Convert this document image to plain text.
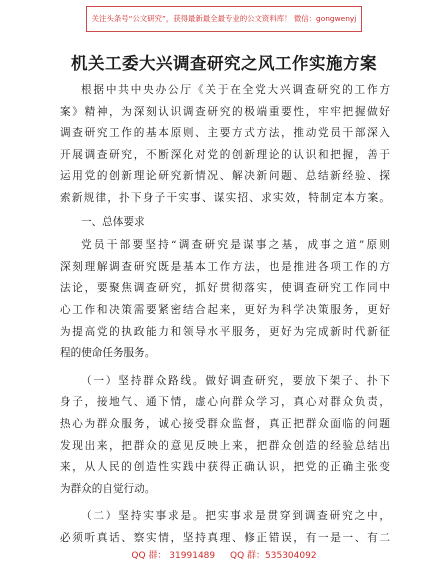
关注头条号“公文研究”，获得最新最全最专业的公文资料库！ 微信：gongwenyj
机关工委大兴调查研究之风工作实施方案
根据中共中央办公厅《关于在全党大兴调查研究的工作方
案》精神，为深刻认识调查研究的极端重要性，牢牢把握做好
调查研究工作的基本原则、主要方式方法，推动党员干部深入
开展调查研究，不断深化对党的创新理论的认识和把握，善于
运用党的创新理论研究新情况、解决新问题、总结新经验、探
索新规律，扑下身子干实事、谋实招、求实效，特制定本方案。
一、总体要求
党员干部要坚持“调查研究是谋事之基，成事之道”原则
深刻理解调查研究既是基本工作方法，也是推进各项工作的方
法论，要聚焦调查研究，抓好贯彻落实，使调查研究工作同中
心工作和决策需要紧密结合起来，更好为科学决策服务，更好
为提高党的执政能力和领导水平服务，更好为完成新时代新征
程的使命任务服务。
（一）坚持群众路线。做好调查研究，要放下架子、扑下
身子，接地气、通下情，虚心向群众学习，真心对群众负责，
热心为群众服务，诚心接受群众监督，真正把群众面临的问题
发现出来，把群众的意见反映上来，把群众创造的经验总结出
来，从人民的创造性实践中获得正确认识，把党的正确主张变
为群众的自觉行动。
（二）坚持实事求是。把实事求是贯穿到调查研究之中，
必须听真话、察实情，坚持真理、修正错误，有一是一、有二
QQ 群： 31991489 QQ 群：535304092
